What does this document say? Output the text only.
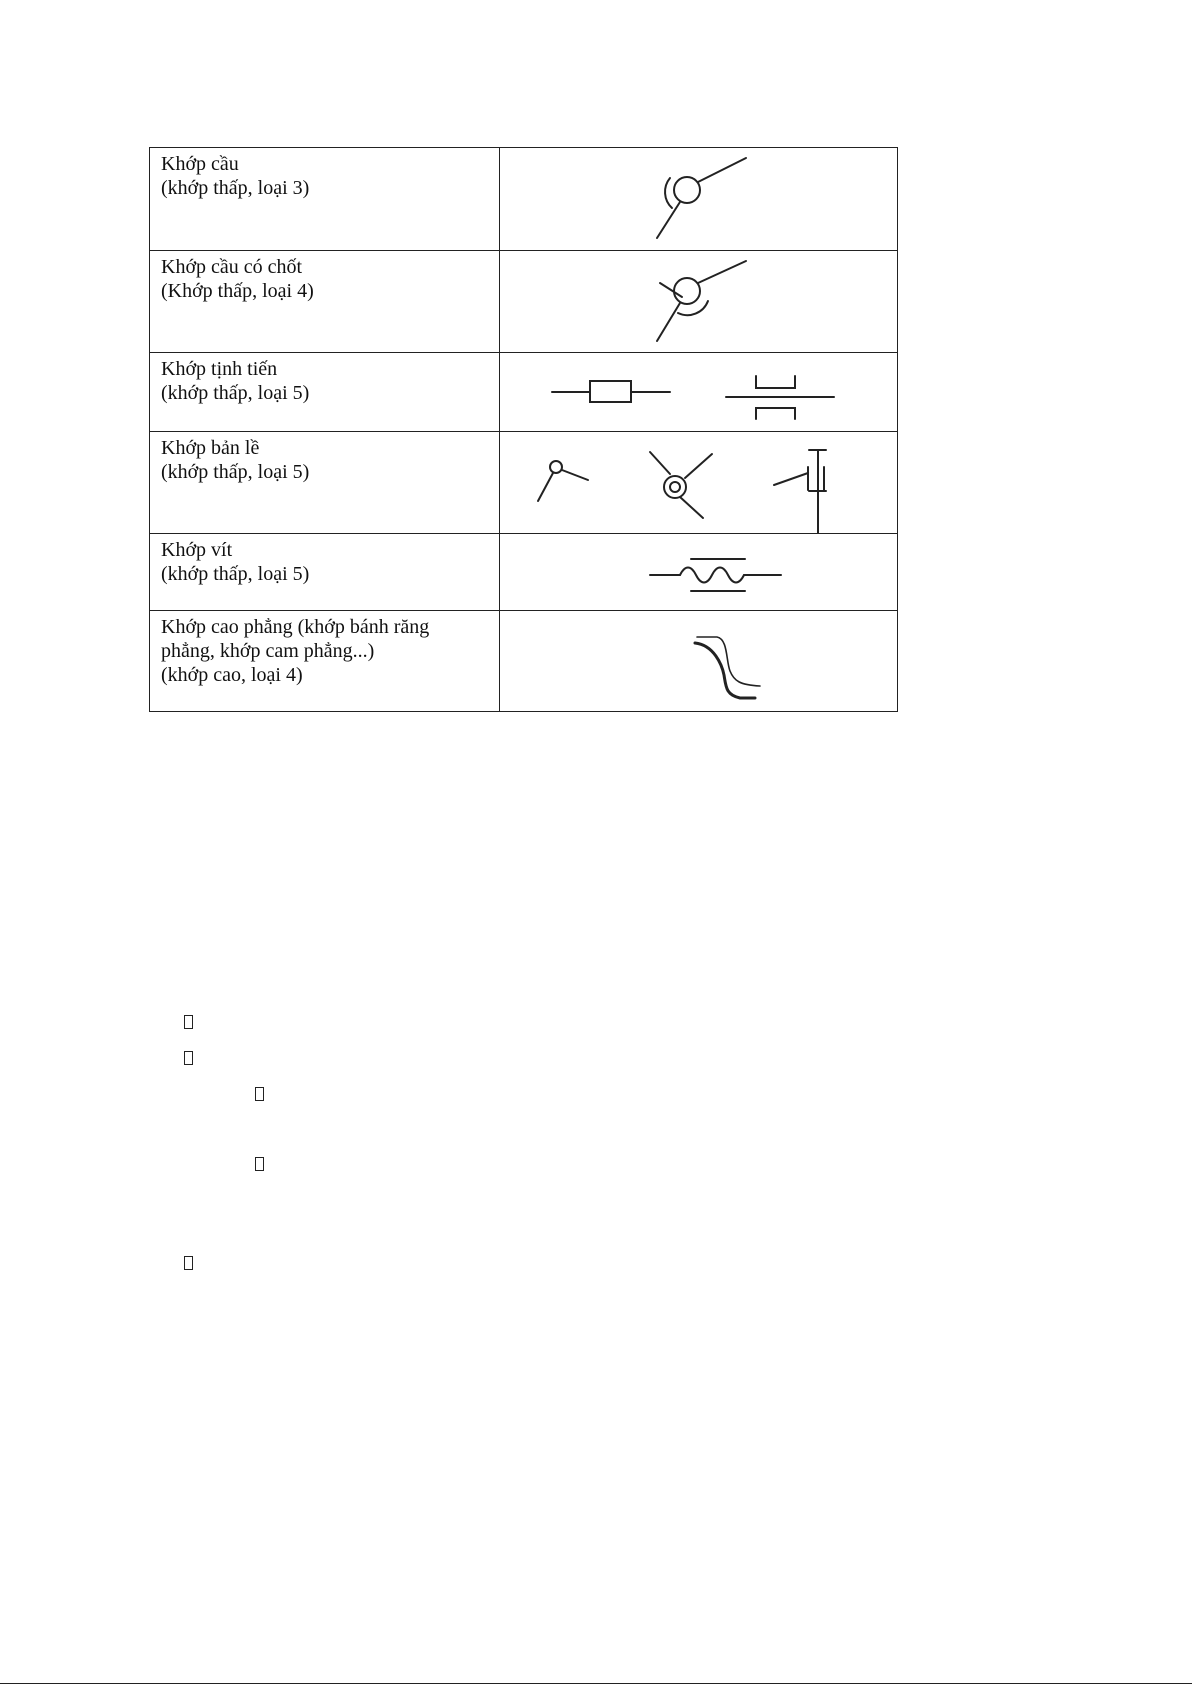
Khớp cầu
(khớp thấp, loại 3)

Khớp cầu có chốt
(Khớp thấp, loại 4)

Khớp tịnh tiến
(khớp thấp, loại 5)

Khớp bản lề
(khớp thấp, loại 5)

Khớp vít
(khớp thấp, loại 5)

Khớp cao phẳng (khớp bánh răng
phẳng, khớp cam phẳng...)
(khớp cao, loại 4)
